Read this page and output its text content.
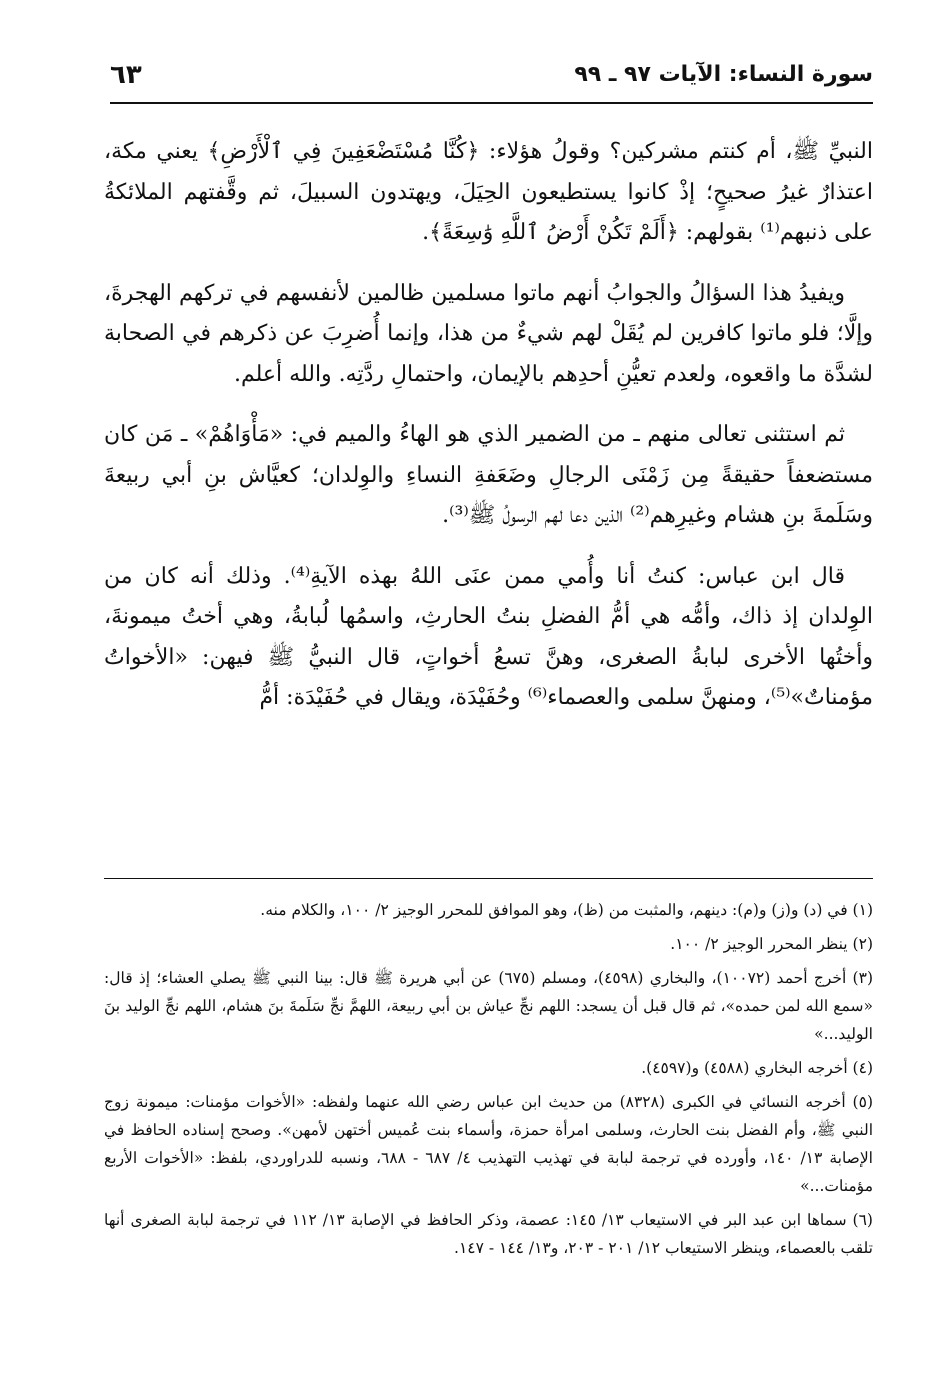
سورة النساء: الآيات ٩٧ ـ ٩٩
٦٣

النبيِّ ﷺ، أم كنتم مشركين؟ وقولُ هؤلاء: ﴿كُنَّا مُسْتَضْعَفِينَ فِي ٱلْأَرْضِ﴾ يعني مكة، اعتذارٌ غيرُ صحيحٍ؛ إذْ كانوا يستطيعون الحِيَلَ، ويهتدون السبيلَ، ثم وقَّفتهم الملائكةُ على ذنبهم⁽¹⁾ بقولهم: ﴿أَلَمْ تَكُنْ أَرْضُ ٱللَّهِ وَٰسِعَةً﴾.

ويفيدُ هذا السؤالُ والجوابُ أنهم ماتوا مسلمين ظالمين لأنفسهم في تركهم الهجرةَ، وإلَّا؛ فلو ماتوا كافرين لم يُقَلْ لهم شيءٌ من هذا، وإنما أُضرِبَ عن ذكرهم في الصحابة لشدَّة ما واقعوه، ولعدم تعيُّنِ أحدِهم بالإيمان، واحتمالِ ردَّتِه. والله أعلم.

ثم استثنى تعالى منهم ـ من الضمير الذي هو الهاءُ والميم في: «مَأْوَاهُمْ» ـ مَن كان مستضعفاً حقيقةً مِن زَمْنَى الرجالِ وضَعَفةِ النساءِ والوِلدان؛ كعيَّاش بنِ أبي ربيعةَ وسَلَمةَ بنِ هشام وغيرِهم⁽²⁾ الذين دعا لهم الرسولُ ﷺ⁽³⁾.

قال ابن عباس: كنتُ أنا وأُمي ممن عنَى اللهُ بهذه الآيةِ⁽⁴⁾. وذلك أنه كان من الوِلدان إذ ذاك، وأمُّه هي أمُّ الفضلِ بنتُ الحارثِ، واسمُها لُبابةُ، وهي أختُ ميمونةَ، وأختُها الأخرى لبابةُ الصغرى، وهنَّ تسعُ أخواتٍ، قال النبيُّ ﷺ فيهن: «الأخواتُ مؤمناتٌ»⁽⁵⁾، ومنهنَّ سلمى والعصماء⁽⁶⁾ وحُفَيْدَة، ويقال في حُفَيْدَة: أمُّ

(١) في (د) و(ز) و(م): دينهم، والمثبت من (ظ)، وهو الموافق للمحرر الوجيز ٢/ ١٠٠، والكلام منه.
(٢) ينظر المحرر الوجيز ٢/ ١٠٠.
(٣) أخرج أحمد (١٠٠٧٢)، والبخاري (٤٥٩٨)، ومسلم (٦٧٥) عن أبي هريرة ﷺ قال: بينا النبي ﷺ يصلي العشاء؛ إذ قال: «سمع الله لمن حمده»، ثم قال قبل أن يسجد: اللهم نجِّ عياش بن أبي ربيعة، اللهمَّ نجِّ سَلَمةَ بنَ هشام، اللهم نجِّ الوليد بنَ الوليد...»
(٤) أخرجه البخاري (٤٥٨٨) و(٤٥٩٧).
(٥) أخرجه النسائي في الكبرى (٨٣٢٨) من حديث ابن عباس رضي الله عنهما ولفظه: «الأخوات مؤمنات: ميمونة زوج النبي ﷺ، وأم الفضل بنت الحارث، وسلمى امرأة حمزة، وأسماء بنت عُميس أختهن لأمهن». وصحح إسناده الحافظ في الإصابة ١٣/ ١٤٠، وأورده في ترجمة لبابة في تهذيب التهذيب ٤/ ٦٨٧ - ٦٨٨، ونسبه للدراوردي، بلفظ: «الأخوات الأربع مؤمنات...»
(٦) سماها ابن عبد البر في الاستيعاب ١٣/ ١٤٥: عصمة، وذكر الحافظ في الإصابة ١٣/ ١١٢ في ترجمة لبابة الصغرى أنها تلقب بالعصماء، وينظر الاستيعاب ١٢/ ٢٠١ - ٢٠٣، و١٣/ ١٤٤ - ١٤٧.
